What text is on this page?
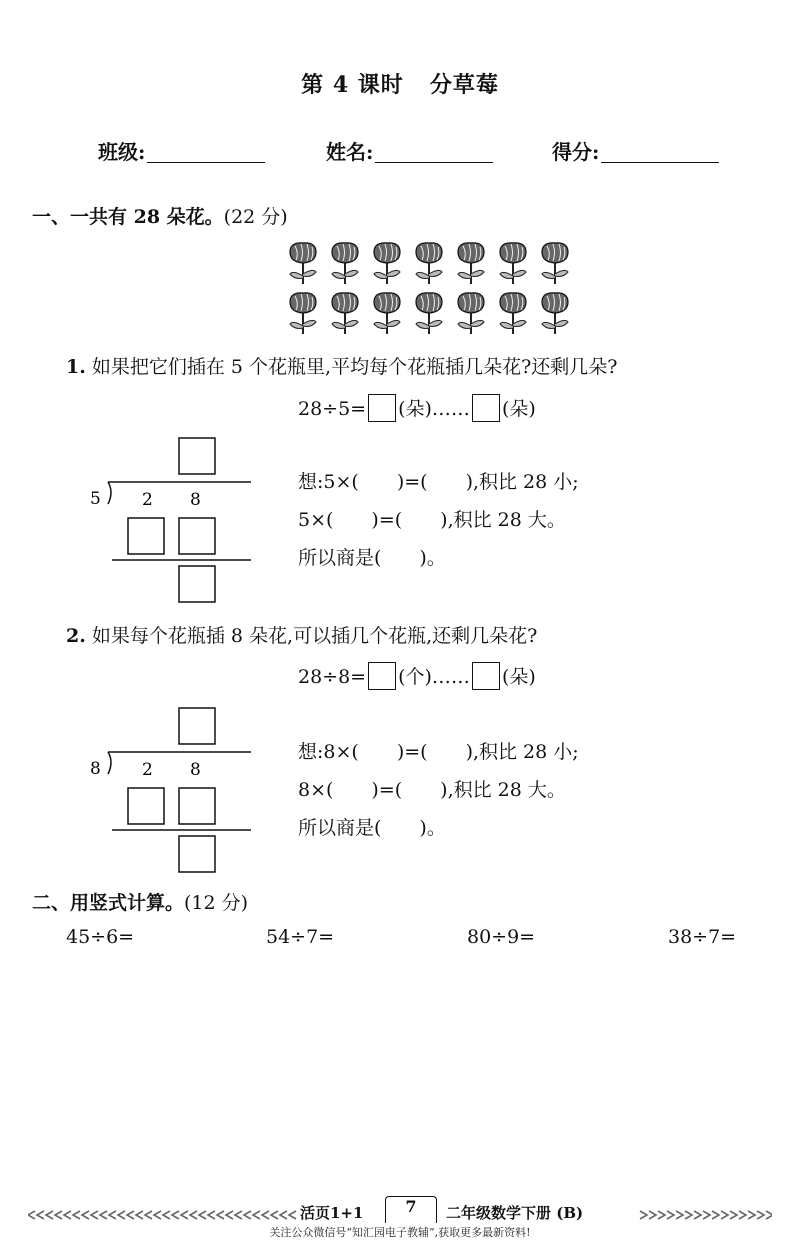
第 4 课时 分草莓
班级:	姓名:	得分:
一、一共有 28 朵花。(22 分)
1. 如果把它们插在 5 个花瓶里,平均每个花瓶插几朵花?还剩几朵?
28÷5= (朵)…… (朵)
5 2 8
想:5×(　　)=(　　),积比 28 小;
5×(　　)=(　　),积比 28 大。
所以商是(　　)。
2. 如果每个花瓶插 8 朵花,可以插几个花瓶,还剩几朵花?
28÷8= (个)…… (朵)
8 2 8
想:8×(　　)=(　　),积比 28 小;
8×(　　)=(　　),积比 28 大。
所以商是(　　)。
二、用竖式计算。(12 分)
45÷6=	54÷7=	80÷9=	38÷7=
活页1+1	7	二年级数学下册 (B)
关注公众微信号“知汇园电子教辅”,获取更多最新资料!
